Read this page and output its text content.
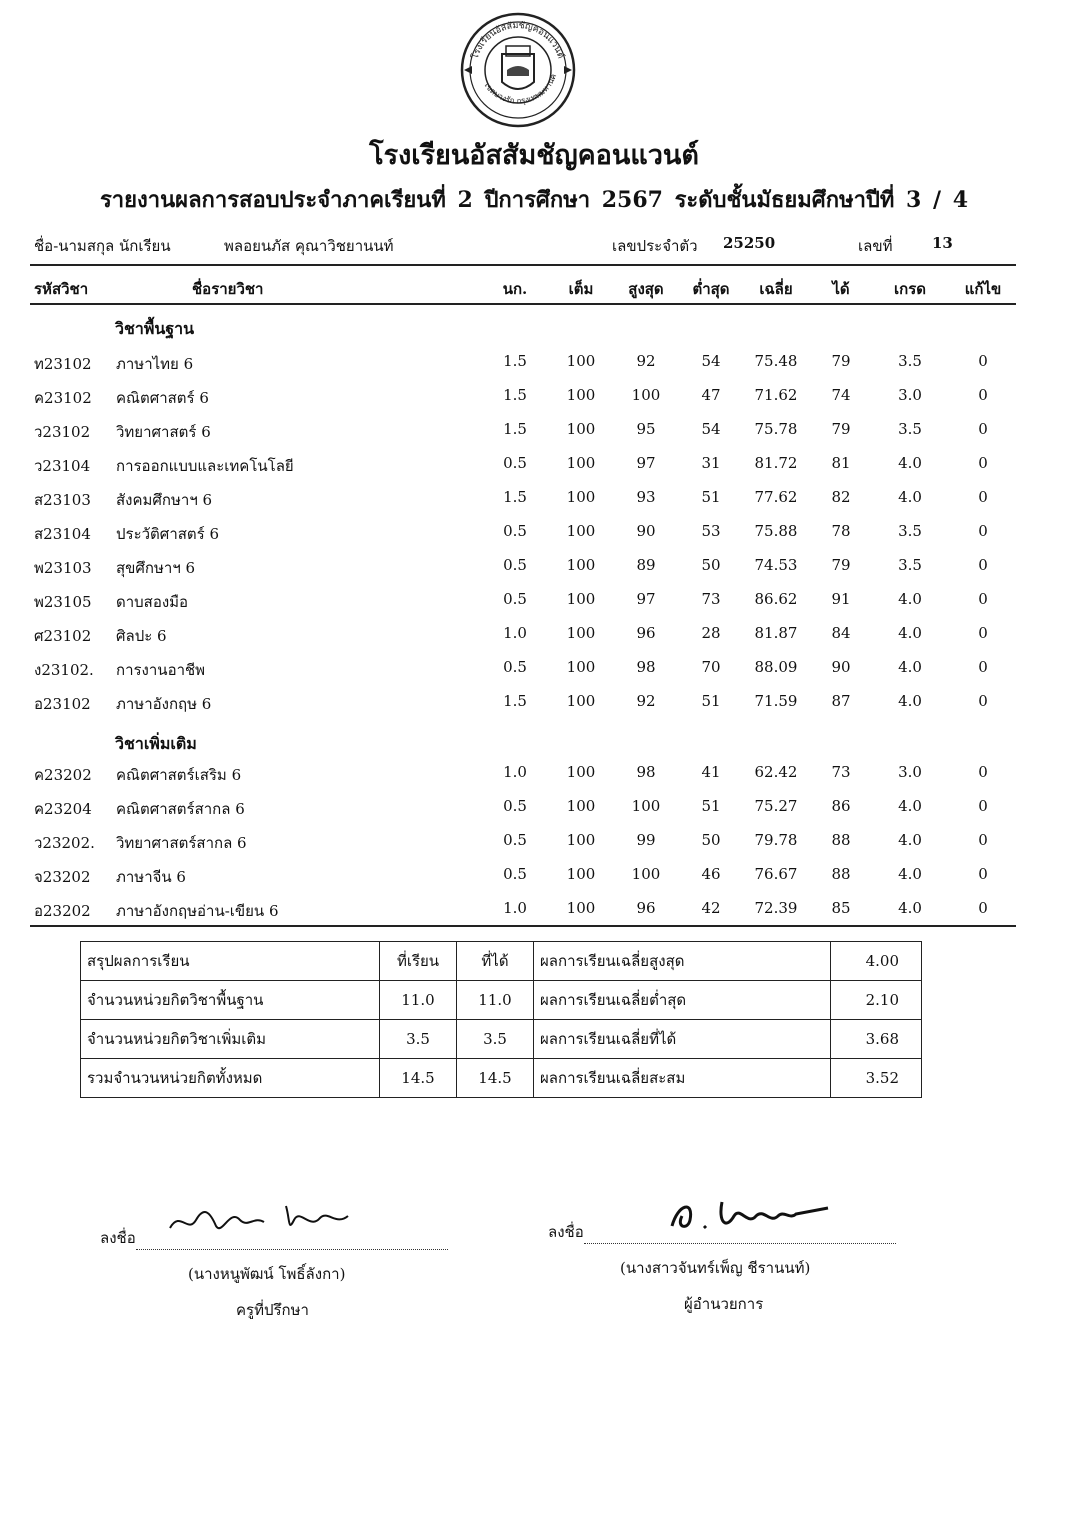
โรงเรียนอัสสัมชัญคอนแวนต์
เขตบางรัก กรุงเทพมหานค
โรงเรียนอัสสัมชัญคอนแวนต์
รายงานผลการสอบประจำภาคเรียนที่ 2 ปีการศึกษา 2567 ระดับชั้นมัธยมศึกษาปีที่ 3 / 4
ชื่อ-นามสกุล นักเรียน	พลอยนภัส คุณาวิชยานนท์	เลขประจำตัว 25250	เลขที่	13
รหัสวิชา	ชื่อรายวิชา	นก.	เต็ม	สูงสุด	ต่ำสุด	เฉลี่ย	ได้	เกรด	แก้ไข
วิชาพื้นฐาน
ท23102 ภาษาไทย 6	1.5	100	92	54	75.48	79	3.5	0
ค23102 คณิตศาสตร์ 6	1.5	100	100	47	71.62	74	3.0	0
ว23102 วิทยาศาสตร์ 6	1.5	100	95	54	75.78	79	3.5	0
ว23104 การออกแบบและเทคโนโลยี	0.5	100	97	31	81.72	81	4.0	0
ส23103 สังคมศึกษาฯ 6	1.5	100	93	51	77.62	82	4.0	0
ส23104 ประวัติศาสตร์ 6	0.5	100	90	53	75.88	78	3.5	0
พ23103 สุขศึกษาฯ 6	0.5	100	89	50	74.53	79	3.5	0
พ23105 ดาบสองมือ	0.5	100	97	73	86.62	91	4.0	0
ศ23102 ศิลปะ 6	1.0	100	96	28	81.87	84	4.0	0
ง23102. การงานอาชีพ	0.5	100	98	70	88.09	90	4.0	0
อ23102 ภาษาอังกฤษ 6	1.5	100	92	51	71.59	87	4.0	0
วิชาเพิ่มเติม
ค23202 คณิตศาสตร์เสริม 6	1.0	100	98	41	62.42	73	3.0	0
ค23204 คณิตศาสตร์สากล 6	0.5	100	100	51	75.27	86	4.0	0
ว23202. วิทยาศาสตร์สากล 6	0.5	100	99	50	79.78	88	4.0	0
จ23202 ภาษาจีน 6	0.5	100	100	46	76.67	88	4.0	0
อ23202 ภาษาอังกฤษอ่าน-เขียน 6	1.0	100	96	42	72.39	85	4.0	0
สรุปผลการเรียน	ที่เรียน	ที่ได้	ผลการเรียนเฉลี่ยสูงสุด	4.00
จำนวนหน่วยกิตวิชาพื้นฐาน	11.0	11.0	ผลการเรียนเฉลี่ยต่ำสุด	2.10
จำนวนหน่วยกิตวิชาเพิ่มเติม	3.5	3.5	ผลการเรียนเฉลี่ยที่ได้	3.68
รวมจำนวนหน่วยกิตทั้งหมด	14.5	14.5	ผลการเรียนเฉลี่ยสะสม	3.52
ลงชื่อ
(นางหนูพัฒน์ โพธิ์ลังกา)
ครูที่ปรึกษา
ลงชื่อ
(นางสาวจันทร์เพ็ญ ชีรานนท์)
ผู้อำนวยการ
